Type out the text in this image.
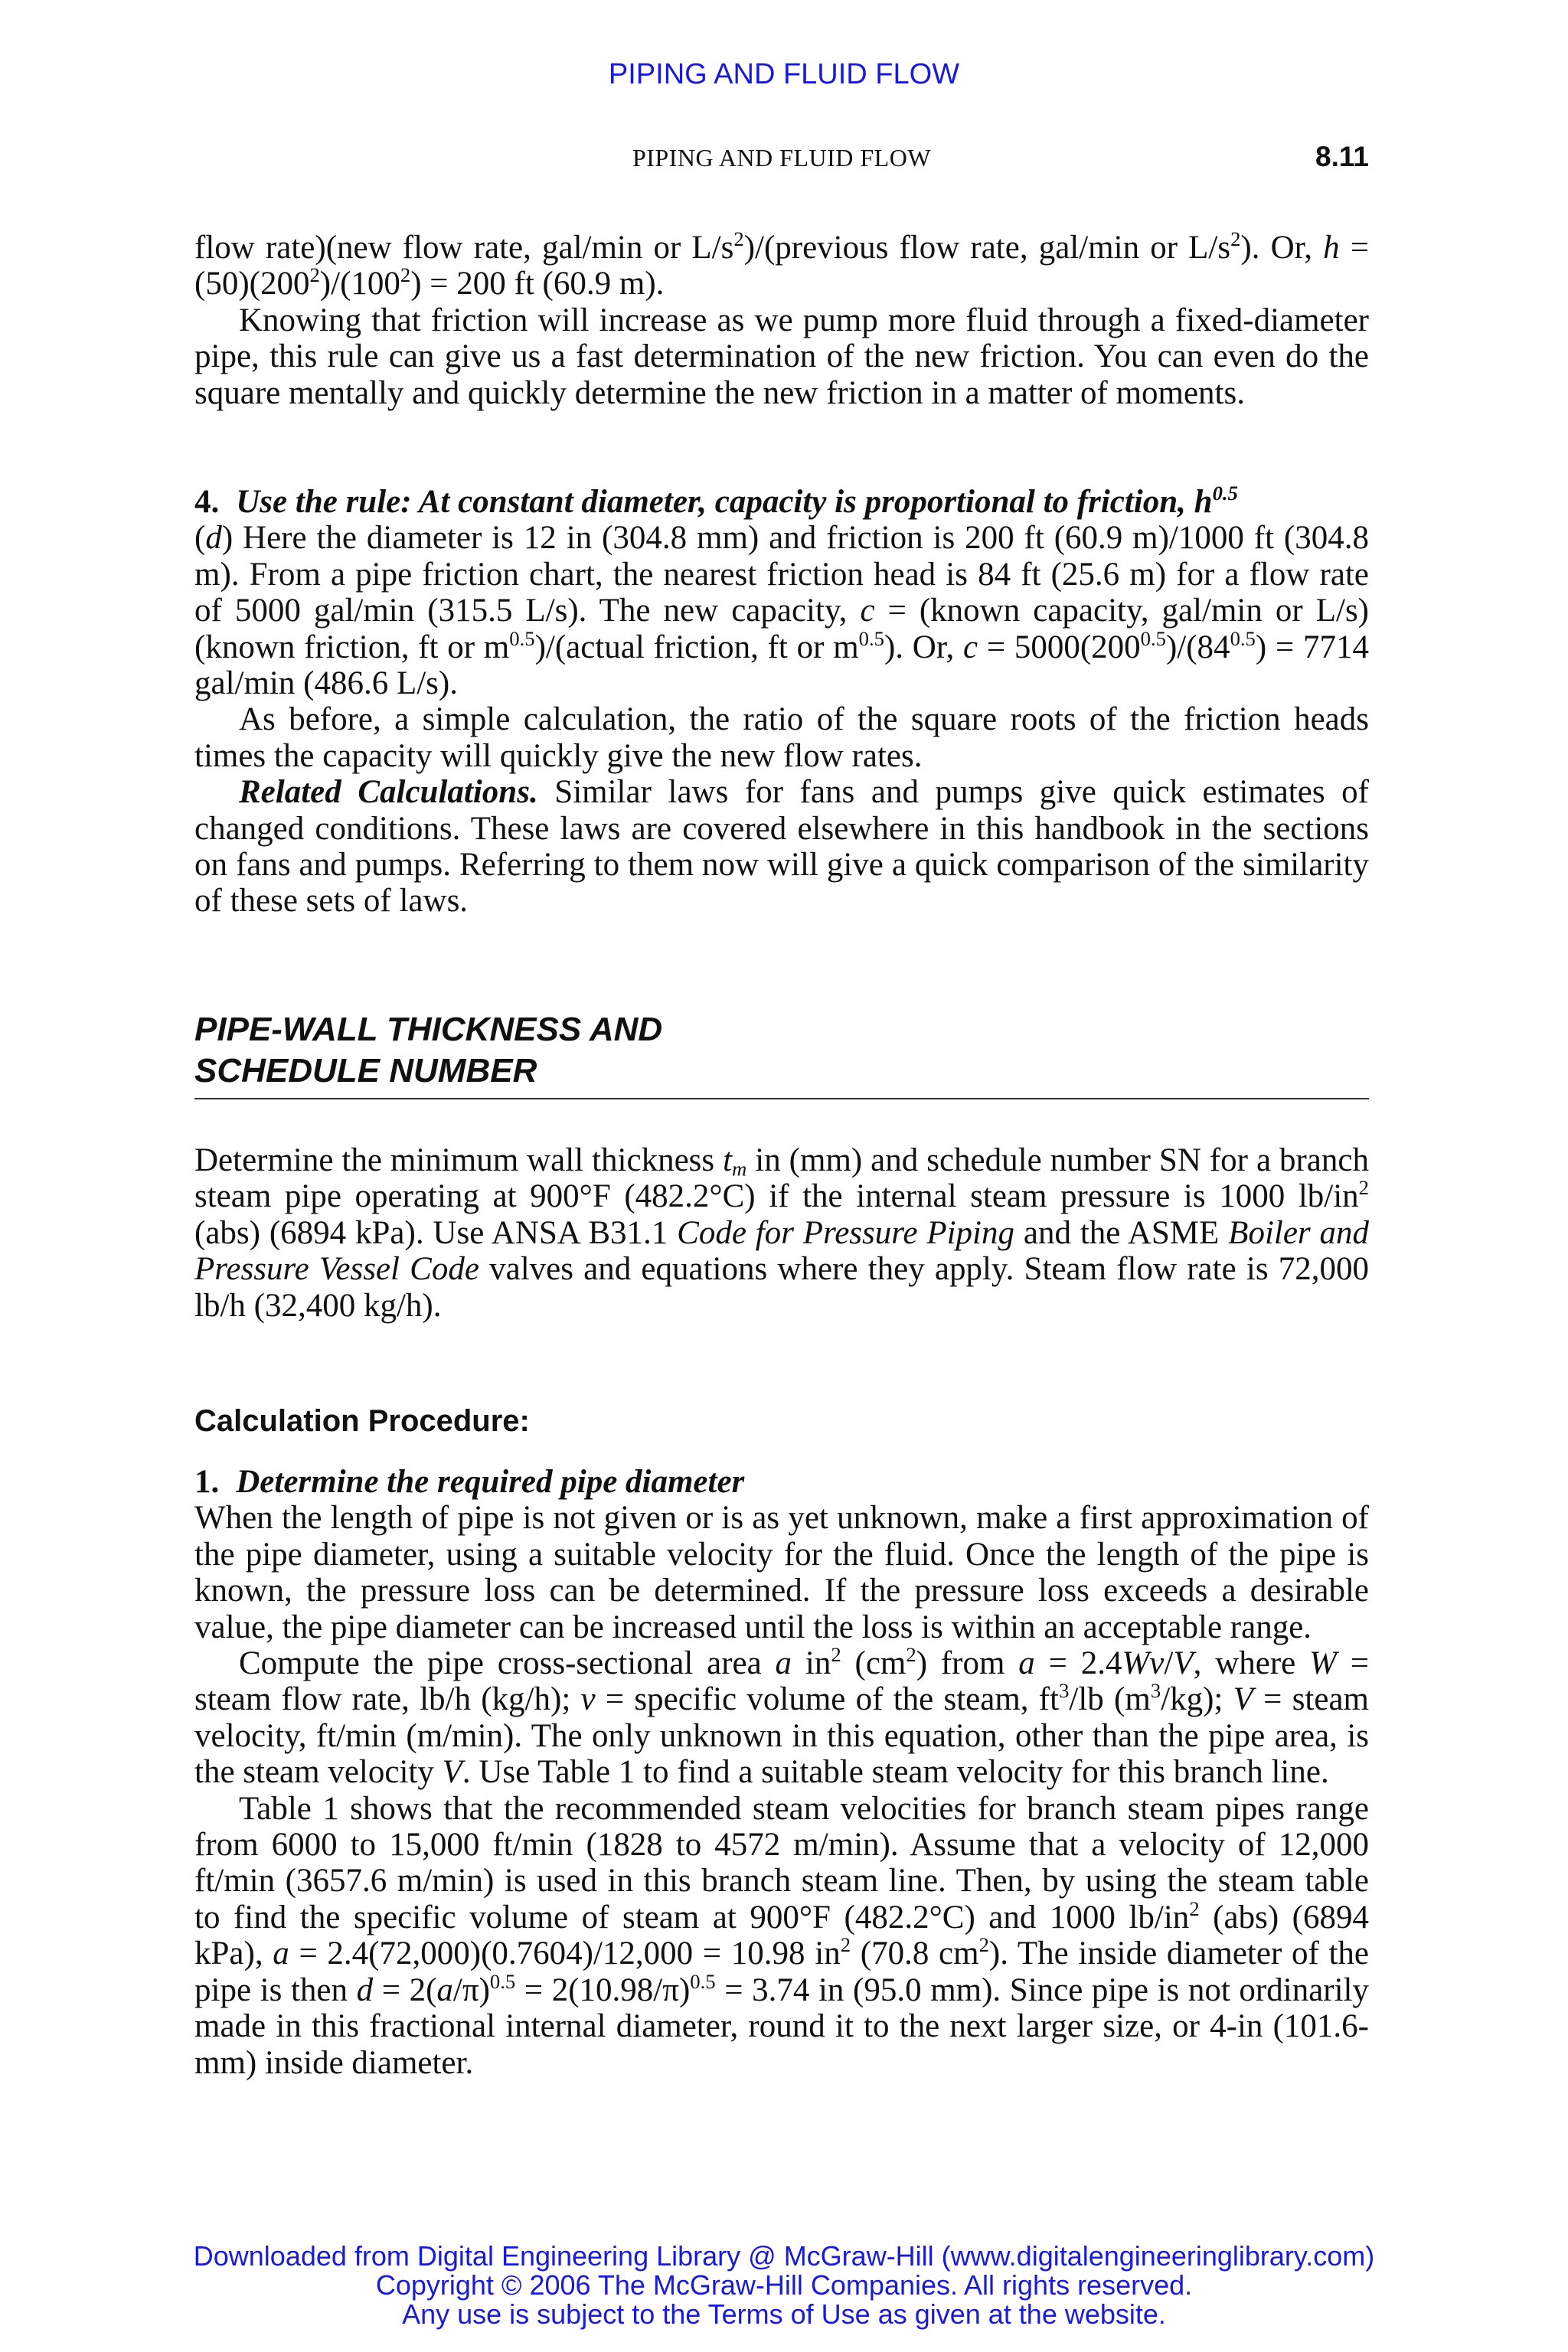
PIPING AND FLUID FLOW
PIPING AND FLUID FLOW	8.11

flow rate)(new flow rate, gal/min or $L/s^2)/(previous$ flow rate, gal/min or $L/s^2$). Or, $h = (50)(200^2)/(100^2) = 200$ ft (60.9 m).

Knowing that friction will increase as we pump more fluid through a fixed-diameter pipe, this rule can give us a fast determination of the new friction. You can even do the square mentally and quickly determine the new friction in a matter of moments.

4. Use the rule: At constant diameter, capacity is proportional to friction, $h^{0.5}$

(d) Here the diameter is 12 in (304.8 mm) and friction is 200 ft (60.9 m)/1000 ft (304.8 m). From a pipe friction chart, the nearest friction head is 84 ft (25.6 m) for a flow rate of 5000 gal/min (315.5 L/s). The new capacity, c = (known capacity, gal/min or L/s)(known friction, ft or $m^{0.5})/(actual$ friction, ft or $m^{0.5}$). Or, $c = 5000(200^{0.5})/(84^{0.5}) = 7714$ gal/min (486.6 L/s).

As before, a simple calculation, the ratio of the square roots of the friction heads times the capacity will quickly give the new flow rates.

Related Calculations. Similar laws for fans and pumps give quick estimates of changed conditions. These laws are covered elsewhere in this handbook in the sections on fans and pumps. Referring to them now will give a quick comparison of the similarity of these sets of laws.

PIPE-WALL THICKNESS AND
SCHEDULE NUMBER

Determine the minimum wall thickness $t_m$ in (mm) and schedule number SN for a branch steam pipe operating at 900°F (482.2°C) if the internal steam pressure is 1000 $lb/in^2$ (abs) (6894 kPa). Use ANSA B31.1 Code for Pressure Piping and the ASME Boiler and Pressure Vessel Code valves and equations where they apply. Steam flow rate is 72,000 lb/h (32,400 kg/h).

Calculation Procedure:

1. Determine the required pipe diameter

When the length of pipe is not given or is as yet unknown, make a first approximation of the pipe diameter, using a suitable velocity for the fluid. Once the length of the pipe is known, the pressure loss can be determined. If the pressure loss exceeds a desirable value, the pipe diameter can be increased until the loss is within an acceptable range.

Compute the pipe cross-sectional area a $in^2$ $(cm^2)$ from a = 2.4Wv/V, where W = steam flow rate, lb/h (kg/h); v = specific volume of the steam, $ft^3/lb$ $(m^3/kg)$; V = steam velocity, ft/min (m/min). The only unknown in this equation, other than the pipe area, is the steam velocity V. Use Table 1 to find a suitable steam velocity for this branch line.

Table 1 shows that the recommended steam velocities for branch steam pipes range from 6000 to 15,000 ft/min (1828 to 4572 m/min). Assume that a velocity of 12,000 ft/min (3657.6 m/min) is used in this branch steam line. Then, by using the steam table to find the specific volume of steam at 900°F (482.2°C) and 1000 $lb/in^2$ (abs) (6894 kPa), a = 2.4(72,000)(0.7604)/12,000 = 10.98 $in^2$ (70.8 $cm^2$). The inside diameter of the pipe is then $d = 2(a/\pi)^{0.5} = 2(10.98/\pi)^{0.5} = 3.74$ in (95.0 mm). Since pipe is not ordinarily made in this fractional internal diameter, round it to the next larger size, or 4-in (101.6-mm) inside diameter.

Downloaded from Digital Engineering Library @ McGraw-Hill (www.digitalengineeringlibrary.com)
Copyright © 2006 The McGraw-Hill Companies. All rights reserved.
Any use is subject to the Terms of Use as given at the website.
